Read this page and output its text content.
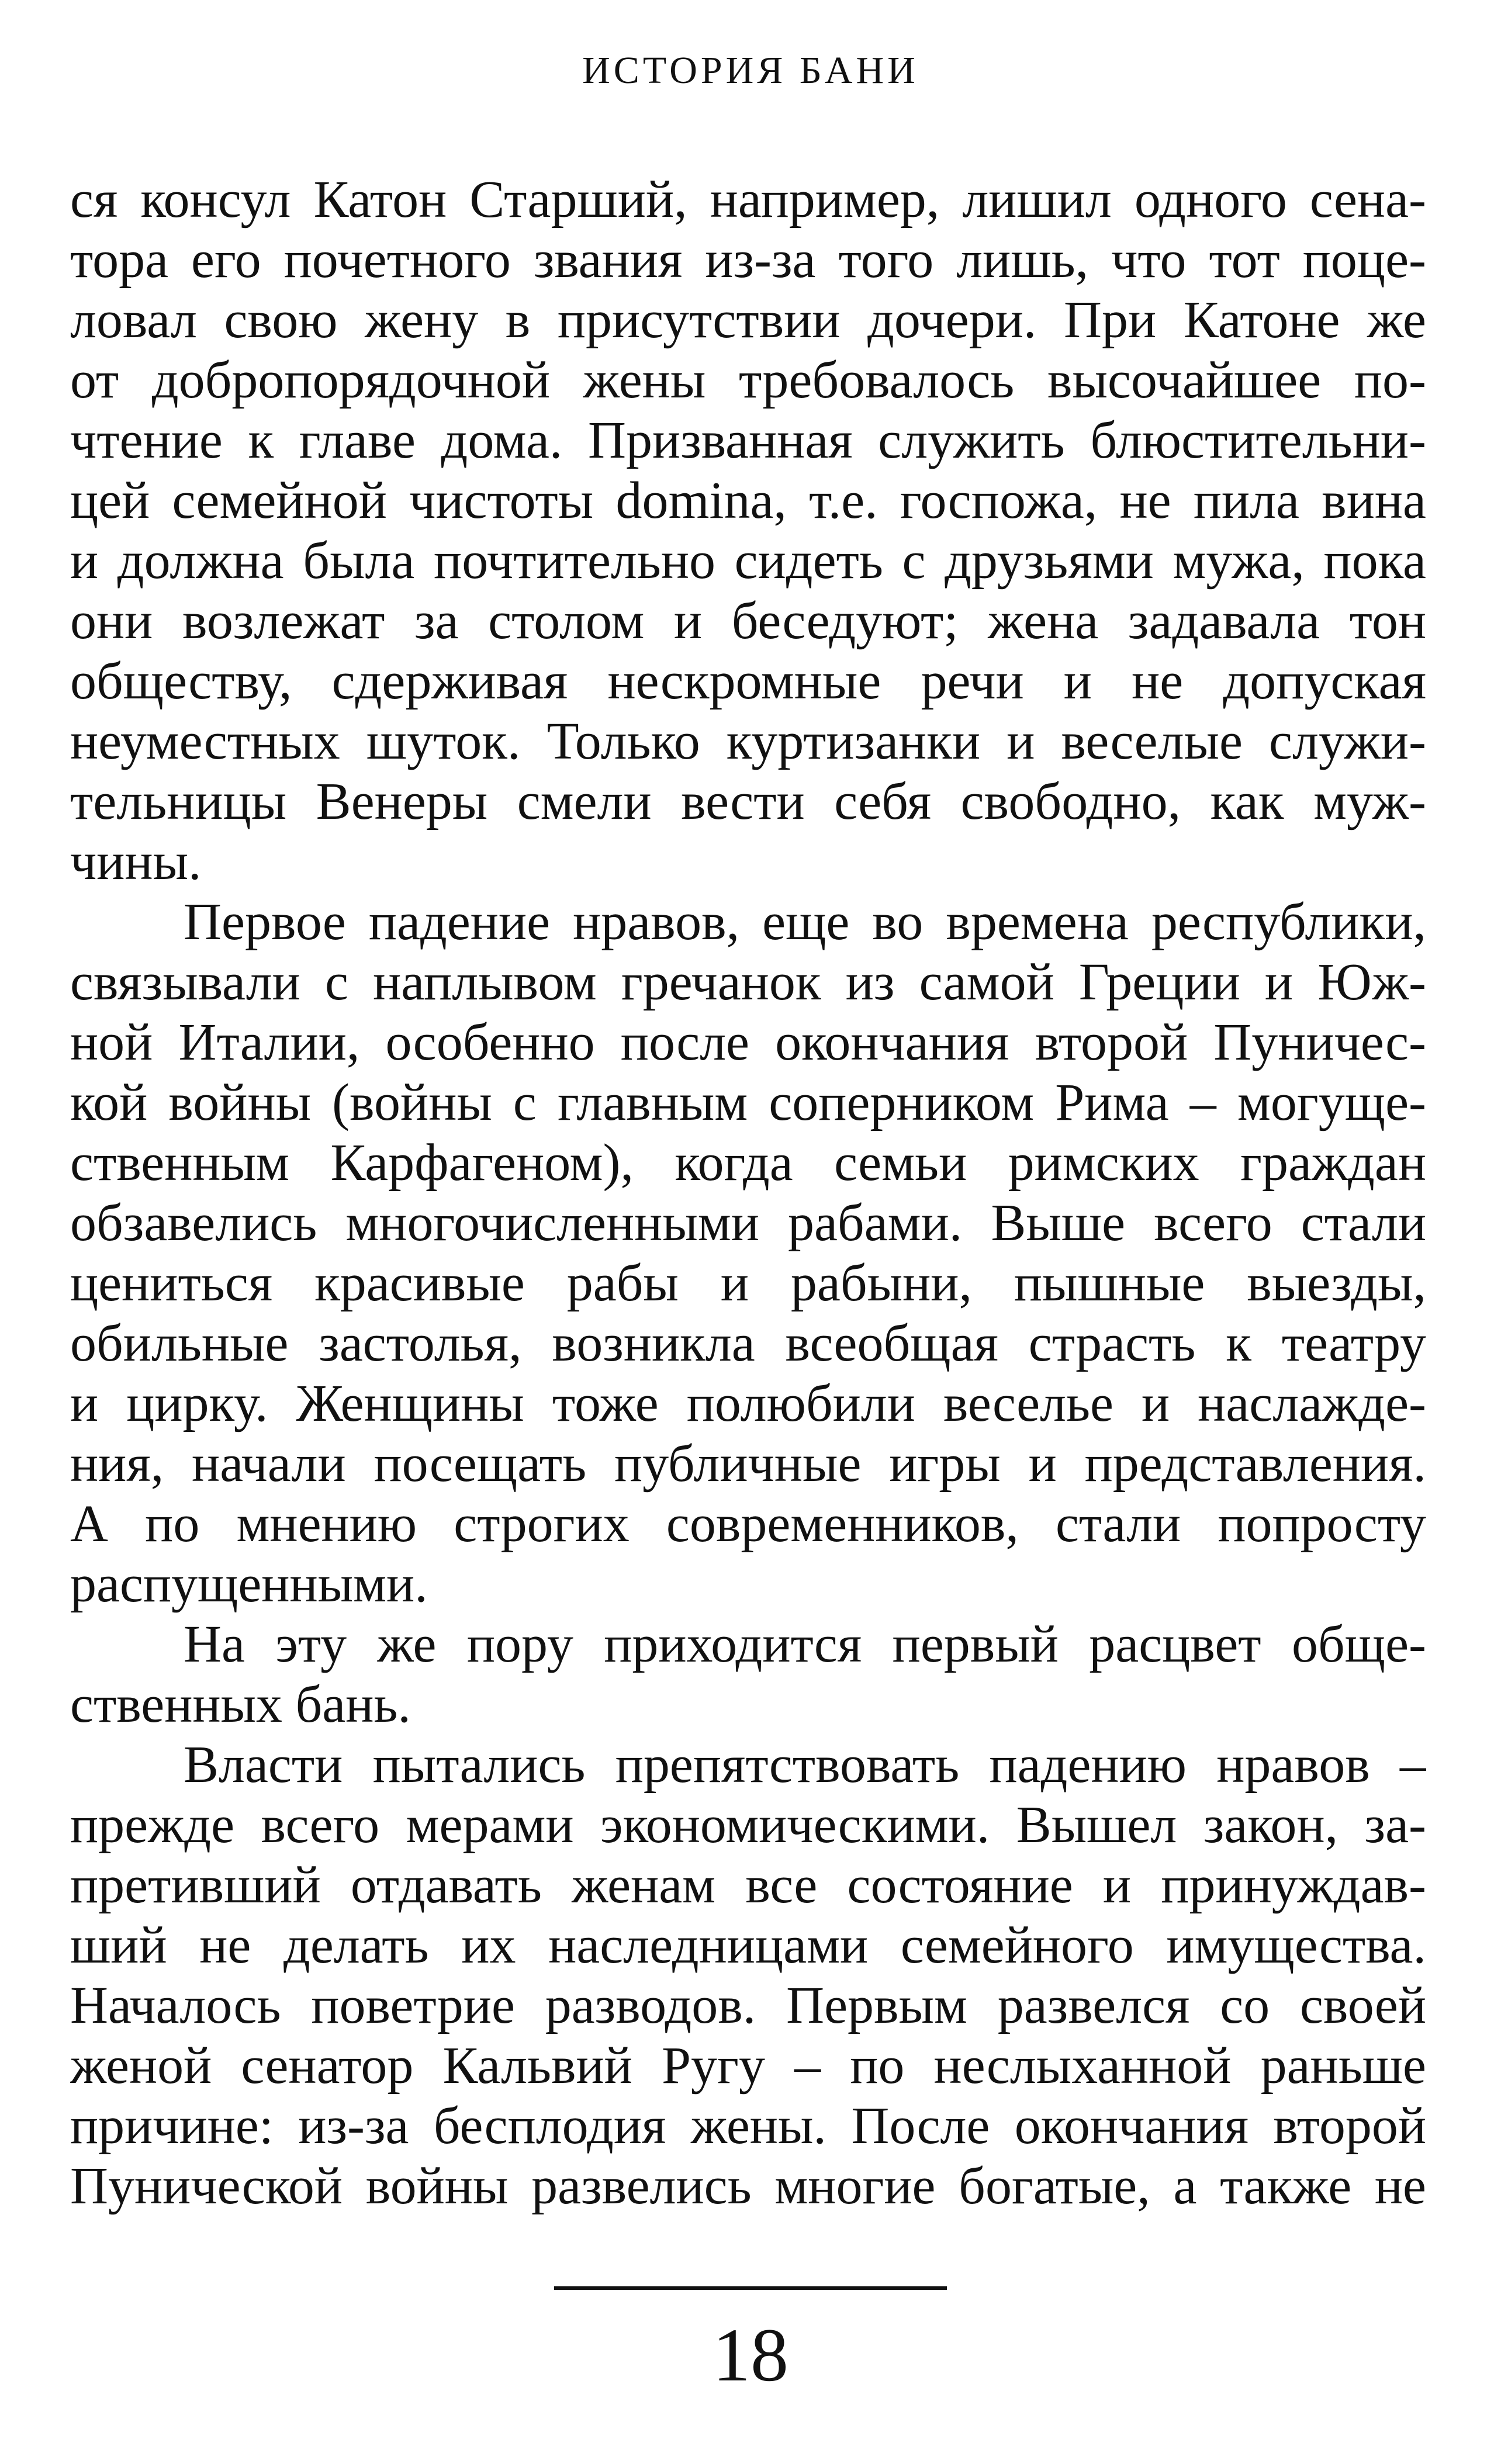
ИСТОРИЯ БАНИ
ся консул Катон Старший, например, лишил одного сена-
тора его почетного звания из-за того лишь, что тот поце-
ловал свою жену в присутствии дочери. При Катоне же
от добропорядочной жены требовалось высочайшее по-
чтение к главе дома. Призванная служить блюстительни-
цей семейной чистоты domina, т.е. госпожа, не пила вина
и должна была почтительно сидеть с друзьями мужа, пока
они возлежат за столом и беседуют; жена задавала тон
обществу, сдерживая нескромные речи и не допуская
неуместных шуток. Только куртизанки и веселые служи-
тельницы Венеры смели вести себя свободно, как муж-
чины.
Первое падение нравов, еще во времена республики,
связывали с наплывом гречанок из самой Греции и Юж-
ной Италии, особенно после окончания второй Пуничес-
кой войны (войны с главным соперником Рима – могуще-
ственным Карфагеном), когда семьи римских граждан
обзавелись многочисленными рабами. Выше всего стали
цениться красивые рабы и рабыни, пышные выезды,
обильные застолья, возникла всеобщая страсть к театру
и цирку. Женщины тоже полюбили веселье и наслажде-
ния, начали посещать публичные игры и представления.
А по мнению строгих современников, стали попросту
распущенными.
На эту же пору приходится первый расцвет обще-
ственных бань.
Власти пытались препятствовать падению нравов –
прежде всего мерами экономическими. Вышел закон, за-
претивший отдавать женам все состояние и принуждав-
ший не делать их наследницами семейного имущества.
Началось поветрие разводов. Первым развелся со своей
женой сенатор Кальвий Ругу – по неслыханной раньше
причине: из-за бесплодия жены. После окончания второй
Пунической войны развелись многие богатые, а также не
18
